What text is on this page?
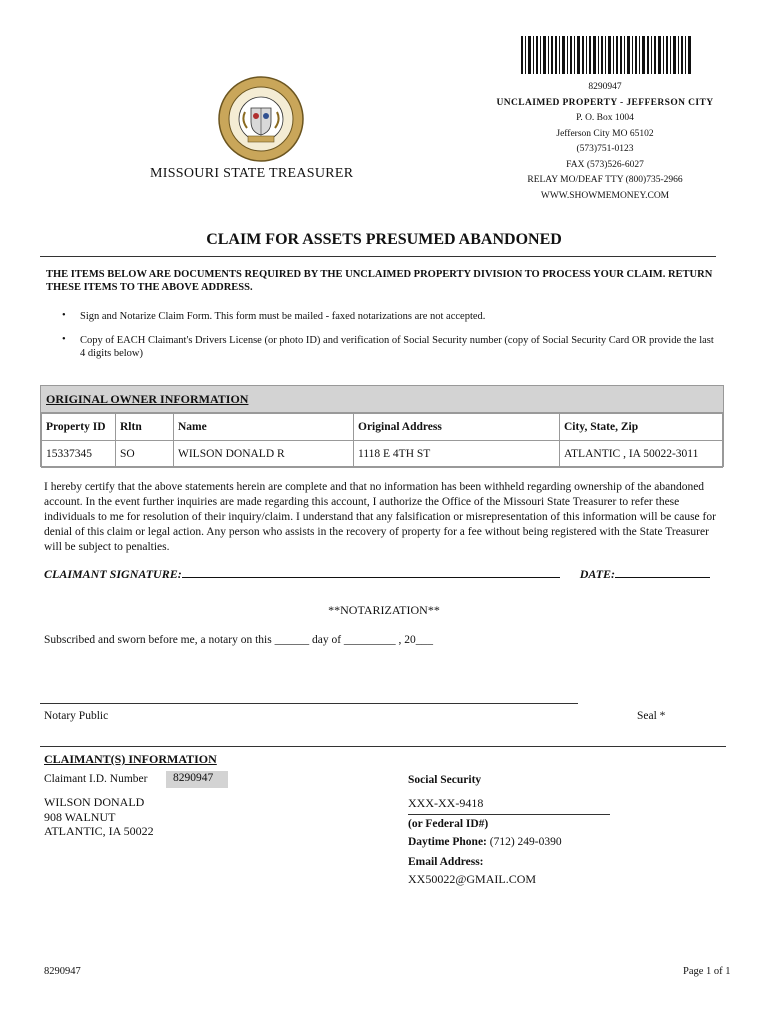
MISSOURI STATE TREASURER
8290947
UNCLAIMED PROPERTY - JEFFERSON CITY
P. O. Box 1004
Jefferson City MO 65102
(573)751-0123
FAX (573)526-6027
RELAY MO/DEAF TTY (800)735-2966
WWW.SHOWMEMONEY.COM
CLAIM FOR ASSETS PRESUMED ABANDONED
THE ITEMS BELOW ARE DOCUMENTS REQUIRED BY THE UNCLAIMED PROPERTY DIVISION TO PROCESS YOUR CLAIM. RETURN THESE ITEMS TO THE ABOVE ADDRESS.
• Sign and Notarize Claim Form. This form must be mailed - faxed notarizations are not accepted.
• Copy of EACH Claimant's Drivers License (or photo ID) and verification of Social Security number (copy of Social Security Card OR provide the last 4 digits below)
ORIGINAL OWNER INFORMATION
Property ID	Rltn	Name	Original Address	City, State, Zip
15337345	SO	WILSON DONALD R	1118 E 4TH ST	ATLANTIC , IA 50022-3011
I hereby certify that the above statements herein are complete and that no information has been withheld regarding ownership of the abandoned account. In the event further inquiries are made regarding this account, I authorize the Office of the Missouri State Treasurer to refer these individuals to me for resolution of their inquiry/claim. I understand that any falsification or misrepresentation of this information will be cause for denial of this claim or legal action. Any person who assists in the recovery of property for a fee without being registered with the State Treasurer will be subject to penalties.
CLAIMANT SIGNATURE:	DATE:
**NOTARIZATION**
Subscribed and sworn before me, a notary on this ______ day of _________ , 20___
Notary Public	Seal *
CLAIMANT(S) INFORMATION
Claimant I.D. Number	8290947
WILSON DONALD
908 WALNUT
ATLANTIC, IA 50022
Social Security
XXX-XX-9418
(or Federal ID#)
Daytime Phone: (712) 249-0390
Email Address:
XX50022@GMAIL.COM
8290947	Page 1 of 1
